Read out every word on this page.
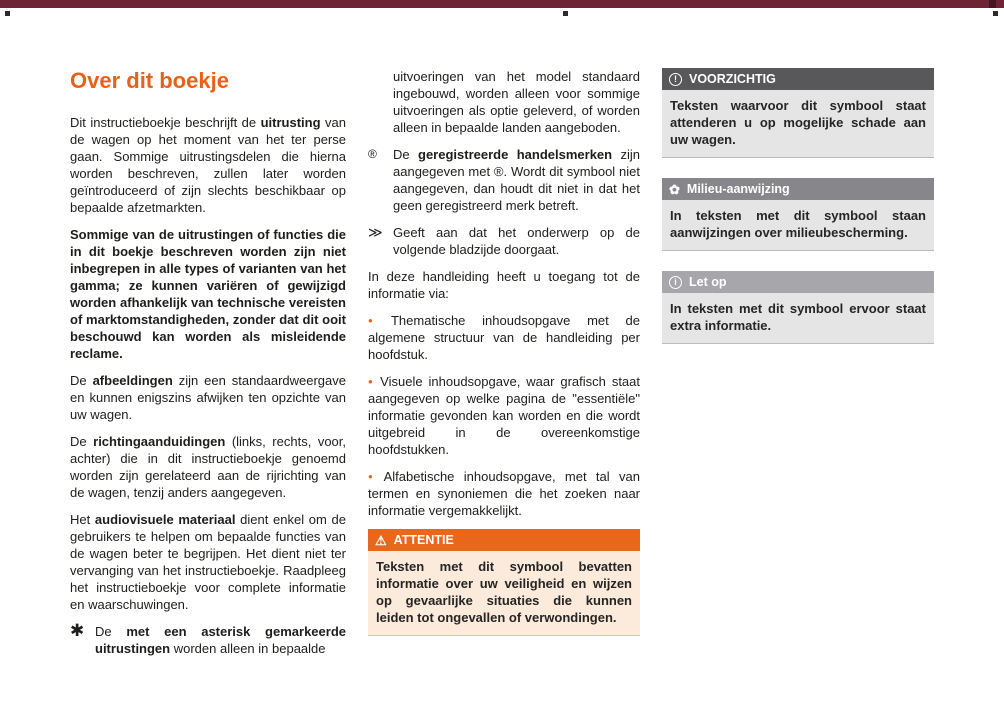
Over dit boekje

Dit instructieboekje beschrijft de uitrusting van de wagen op het moment van het ter perse gaan. Sommige uitrustingsdelen die hierna worden beschreven, zullen later worden geïntroduceerd of zijn slechts beschikbaar op bepaalde afzetmarkten.

Sommige van de uitrustingen of functies die in dit boekje beschreven worden zijn niet inbegrepen in alle types of varianten van het gamma; ze kunnen variëren of gewijzigd worden afhankelijk van technische vereisten of marktomstandigheden, zonder dat dit ooit beschouwd kan worden als misleidende reclame.

De afbeeldingen zijn een standaardweergave en kunnen enigszins afwijken ten opzichte van uw wagen.

De richtingaanduidingen (links, rechts, voor, achter) die in dit instructieboekje genoemd worden zijn gerelateerd aan de rijrichting van de wagen, tenzij anders aangegeven.

Het audiovisuele materiaal dient enkel om de gebruikers te helpen om bepaalde functies van de wagen beter te begrijpen. Het dient niet ter vervanging van het instructieboekje. Raadpleeg het instructieboekje voor complete informatie en waarschuwingen.

✱ De met een asterisk gemarkeerde uitrustingen worden alleen in bepaalde

uitvoeringen van het model standaard ingebouwd, worden alleen voor sommige uitvoeringen als optie geleverd, of worden alleen in bepaalde landen aangeboden.

®	De geregistreerde handelsmerken zijn aangegeven met ®. Wordt dit symbool niet aangegeven, dan houdt dit niet in dat het geen geregistreerd merk betreft.

≫ Geeft aan dat het onderwerp op de volgende bladzijde doorgaat.

In deze handleiding heeft u toegang tot de informatie via:

● Thematische inhoudsopgave met de algemene structuur van de handleiding per hoofdstuk.

● Visuele inhoudsopgave, waar grafisch staat aangegeven op welke pagina de "essentiële" informatie gevonden kan worden en die wordt uitgebreid in de overeenkomstige hoofdstukken.

● Alfabetische inhoudsopgave, met tal van termen en synoniemen die het zoeken naar informatie vergemakkelijkt.

⚠ ATTENTIE
Teksten met dit symbool bevatten informatie over uw veiligheid en wijzen op gevaarlijke situaties die kunnen leiden tot ongevallen of verwondingen.
! VOORZICHTIG
Teksten waarvoor dit symbool staat attenderen u op mogelijke schade aan uw wagen.
✿ Milieu-aanwijzing
In teksten met dit symbool staan aanwijzingen over milieubescherming.
i Let op
In teksten met dit symbool ervoor staat extra informatie.
